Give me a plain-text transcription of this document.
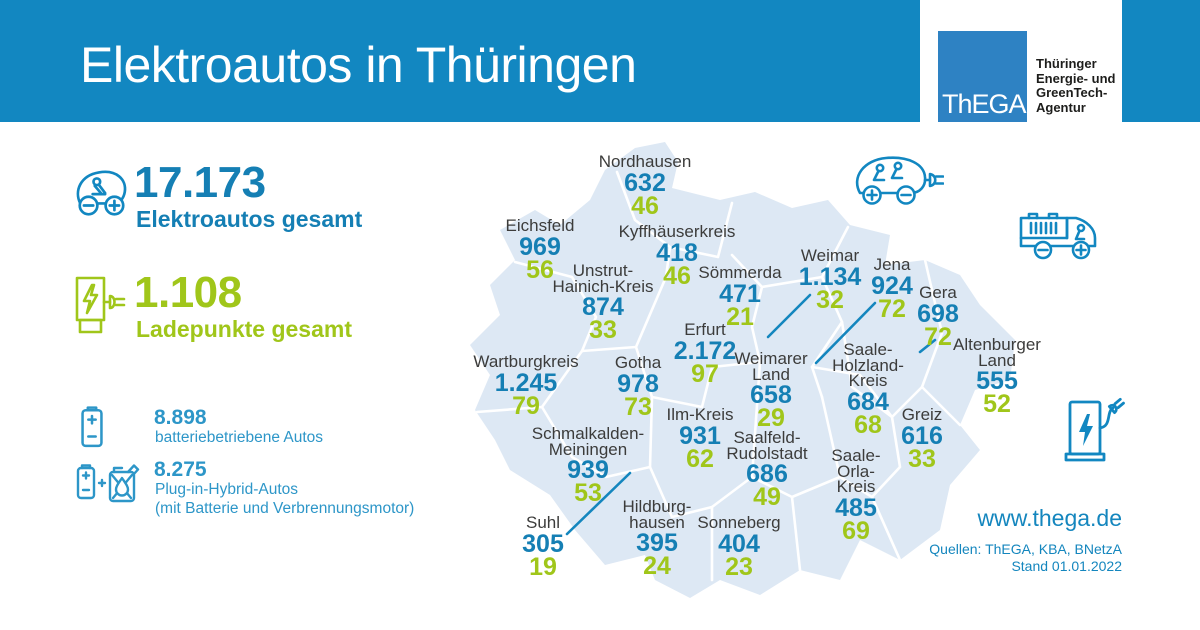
Elektroautos in Thüringen
ThEGA
Thüringer
Energie- und
GreenTech-
Agentur
17.173
Elektroautos gesamt
1.108
Ladepunkte gesamt
8.898
batteriebetriebene Autos
8.275
Plug-in-Hybrid-Autos
(mit Batterie und Verbrennungsmotor)
Nordhausen
632
46
Eichsfeld
969
56
Kyffhäuserkreis
418
46
Unstrut-
Hainich-Kreis
874
33
Sömmerda
471
21
Weimar
1.134
32
Jena
924
72
Gera
698
72 Altenburger
Land
555
52
Saale-
Holzland-
Kreis
684
68
Erfurt
2.172
97
Weimarer
Land
658
29
Wartburgkreis
1.245
79
Gotha
978
73 Ilm-Kreis
931
62
Greiz
616
33
Schmalkalden-
Meiningen
939
53
Saalfeld-
Rudolstadt
686
49
Saale-
Orla-
Kreis
485
69
Suhl
305
19
Hildburg-
hausen
395
24
Sonneberg
404
23
www.thega.de
Quellen: ThEGA, KBA, BNetzA
Stand 01.01.2022
